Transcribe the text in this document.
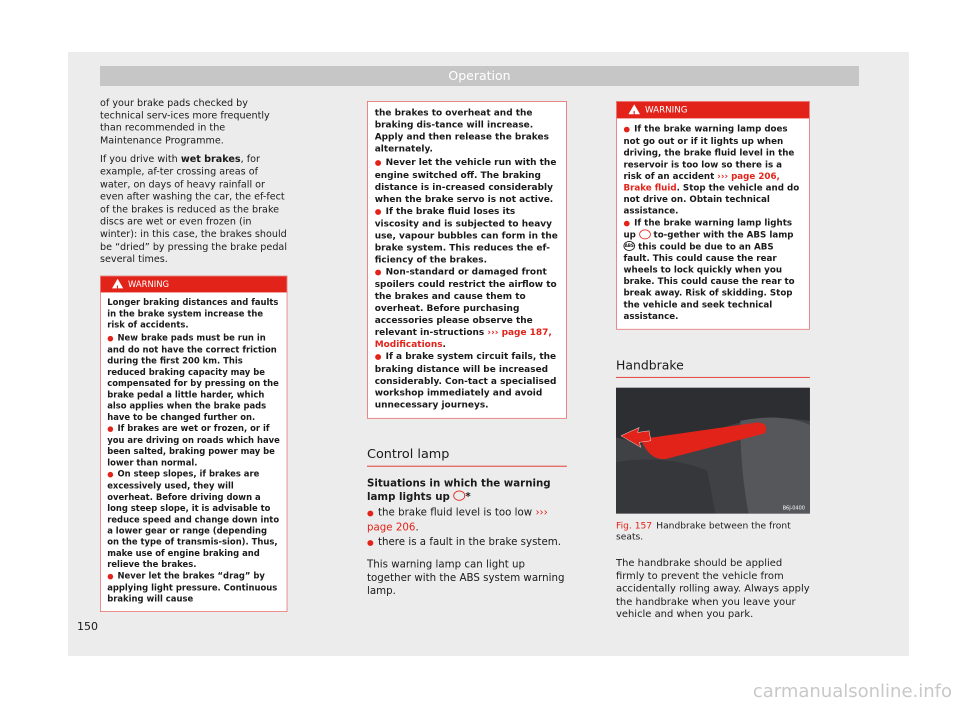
Operation

of your brake pads checked by technical serv-ices more frequently than recommended in the Maintenance Programme.

If you drive with wet brakes, for example, af-ter crossing areas of water, on days of heavy rainfall or even after washing the car, the ef-fect of the brakes is reduced as the brake discs are wet or even frozen (in winter): in this case, the brakes should be “dried” by pressing the brake pedal several times.

!
WARNING
Longer braking distances and faults in the brake system increase the risk of accidents.
● New brake pads must be run in and do not have the correct friction during the first 200 km. This reduced braking capacity may be compensated for by pressing on the brake pedal a little harder, which also applies when the brake pads have to be changed further on.
● If brakes are wet or frozen, or if you are driving on roads which have been salted, braking power may be lower than normal.
● On steep slopes, if brakes are excessively used, they will overheat. Before driving down a long steep slope, it is advisable to reduce speed and change down into a lower gear or range (depending on the type of transmis-sion). Thus, make use of engine braking and relieve the brakes.
● Never let the brakes “drag” by applying light pressure. Continuous braking will cause
the brakes to overheat and the braking dis-tance will increase. Apply and then release the brakes alternately.
● Never let the vehicle run with the engine switched off. The braking distance is in-creased considerably when the brake servo is not active.
● If the brake fluid loses its viscosity and is subjected to heavy use, vapour bubbles can form in the brake system. This reduces the ef-ficiency of the brakes.
● Non-standard or damaged front spoilers could restrict the airflow to the brakes and cause them to overheat. Before purchasing accessories please observe the relevant in-structions ››› page 187, Modifications.
● If a brake system circuit fails, the braking distance will be increased considerably. Con-tact a specialised workshop immediately and avoid unnecessary journeys.
Control lamp

Situations in which the warning lamp lights up *

● the brake fluid level is too low ››› page 206.

● there is a fault in the brake system.

This warning lamp can light up together with the ABS system warning lamp.

!
WARNING
● If the brake warning lamp does not go out or if it lights up when driving, the brake fluid level in the reservoir is too low so there is a risk of an accident ››› page 206, Brake fluid. Stop the vehicle and do not drive on. Obtain technical assistance.
● If the brake warning lamp lights up  to-gether with the ABS lamp ABS this could be due to an ABS fault. This could cause the rear wheels to lock quickly when you brake. This could cause the rear to break away. Risk of skidding. Stop the vehicle and seek technical assistance.
Handbrake
B6J-0400
Fig. 157 Handbrake between the front seats.

The handbrake should be applied firmly to prevent the vehicle from accidentally rolling away. Always apply the handbrake when you leave your vehicle and when you park.

150
carmanualsonline.info
